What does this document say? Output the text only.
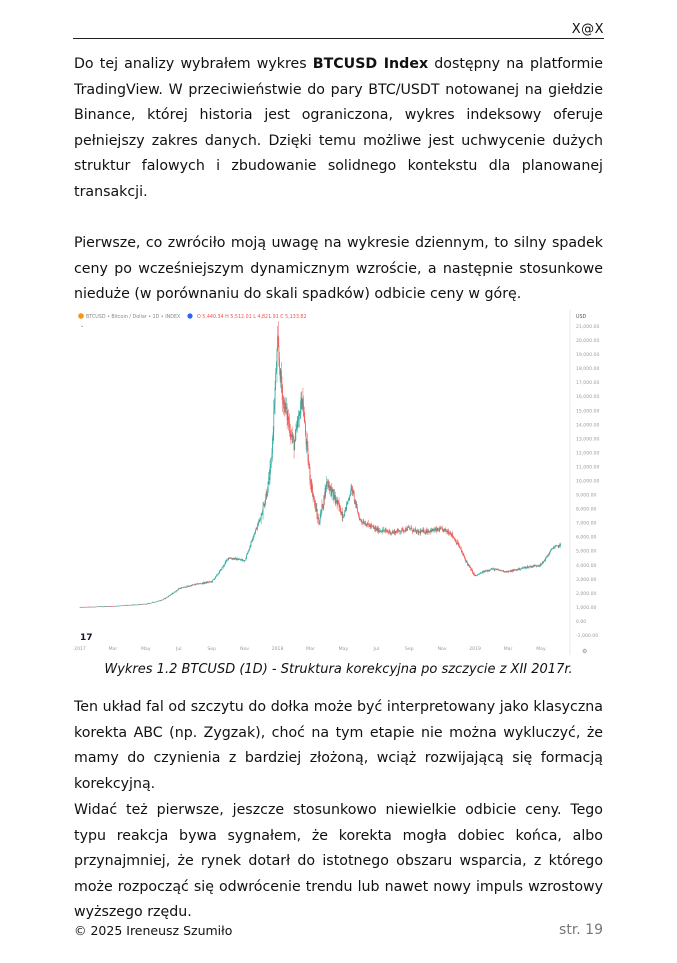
X@X

Do tej analizy wybrałem wykres BTCUSD Index dostępny na platformie TradingView. W przeciwieństwie do pary BTC/USDT notowanej na giełdzie Binance, której historia jest ograniczona, wykres indeksowy oferuje pełniejszy zakres danych. Dzięki temu możliwe jest uchwycenie dużych struktur falowych i zbudowanie solidnego kontekstu dla planowanej transakcji.

Pierwsze, co zwróciło moją uwagę na wykresie dziennym, to silny spadek ceny po wcześniejszym dynamicznym wzroście, a następnie stosunkowe nieduże (w porównaniu do skali spadków) odbicie ceny w górę.

21,000.00
20,000.00
19,000.00
18,000.00
17,000.00
16,000.00
15,000.00
14,000.00
13,000.00
12,000.00
11,000.00
10,000.00
9,000.00
8,000.00
7,000.00
6,000.00
5,000.00
4,000.00
3,000.00
2,000.00
1,000.00
0.00
-1,000.00
2017	Mar	May	Jul	Sep	Nov	2018	Mar	May	Jul	Sep	Nov	2019	Mar	May
BTCUSD • Bitcoin / Dollar • 1D • INDEX	O 5,440.34 H 5,512.01 L 4,821.91 C 5,133.82	USD
⌄
17
⚙
Wykres 1.2 BTCUSD (1D) - Struktura korekcyjna po szczycie z XII 2017r.

Ten układ fal od szczytu do dołka może być interpretowany jako klasyczna korekta ABC (np. Zygzak), choć na tym etapie nie można wykluczyć, że mamy do czynienia z bardziej złożoną, wciąż rozwijającą się formacją korekcyjną.

Widać też pierwsze, jeszcze stosunkowo niewielkie odbicie ceny. Tego typu reakcja bywa sygnałem, że korekta mogła dobiec końca, albo przynajmniej, że rynek dotarł do istotnego obszaru wsparcia, z którego może rozpocząć się odwrócenie trendu lub nawet nowy impuls wzrostowy wyższego rzędu.

© 2025 Ireneusz Szumiło	str. 19
